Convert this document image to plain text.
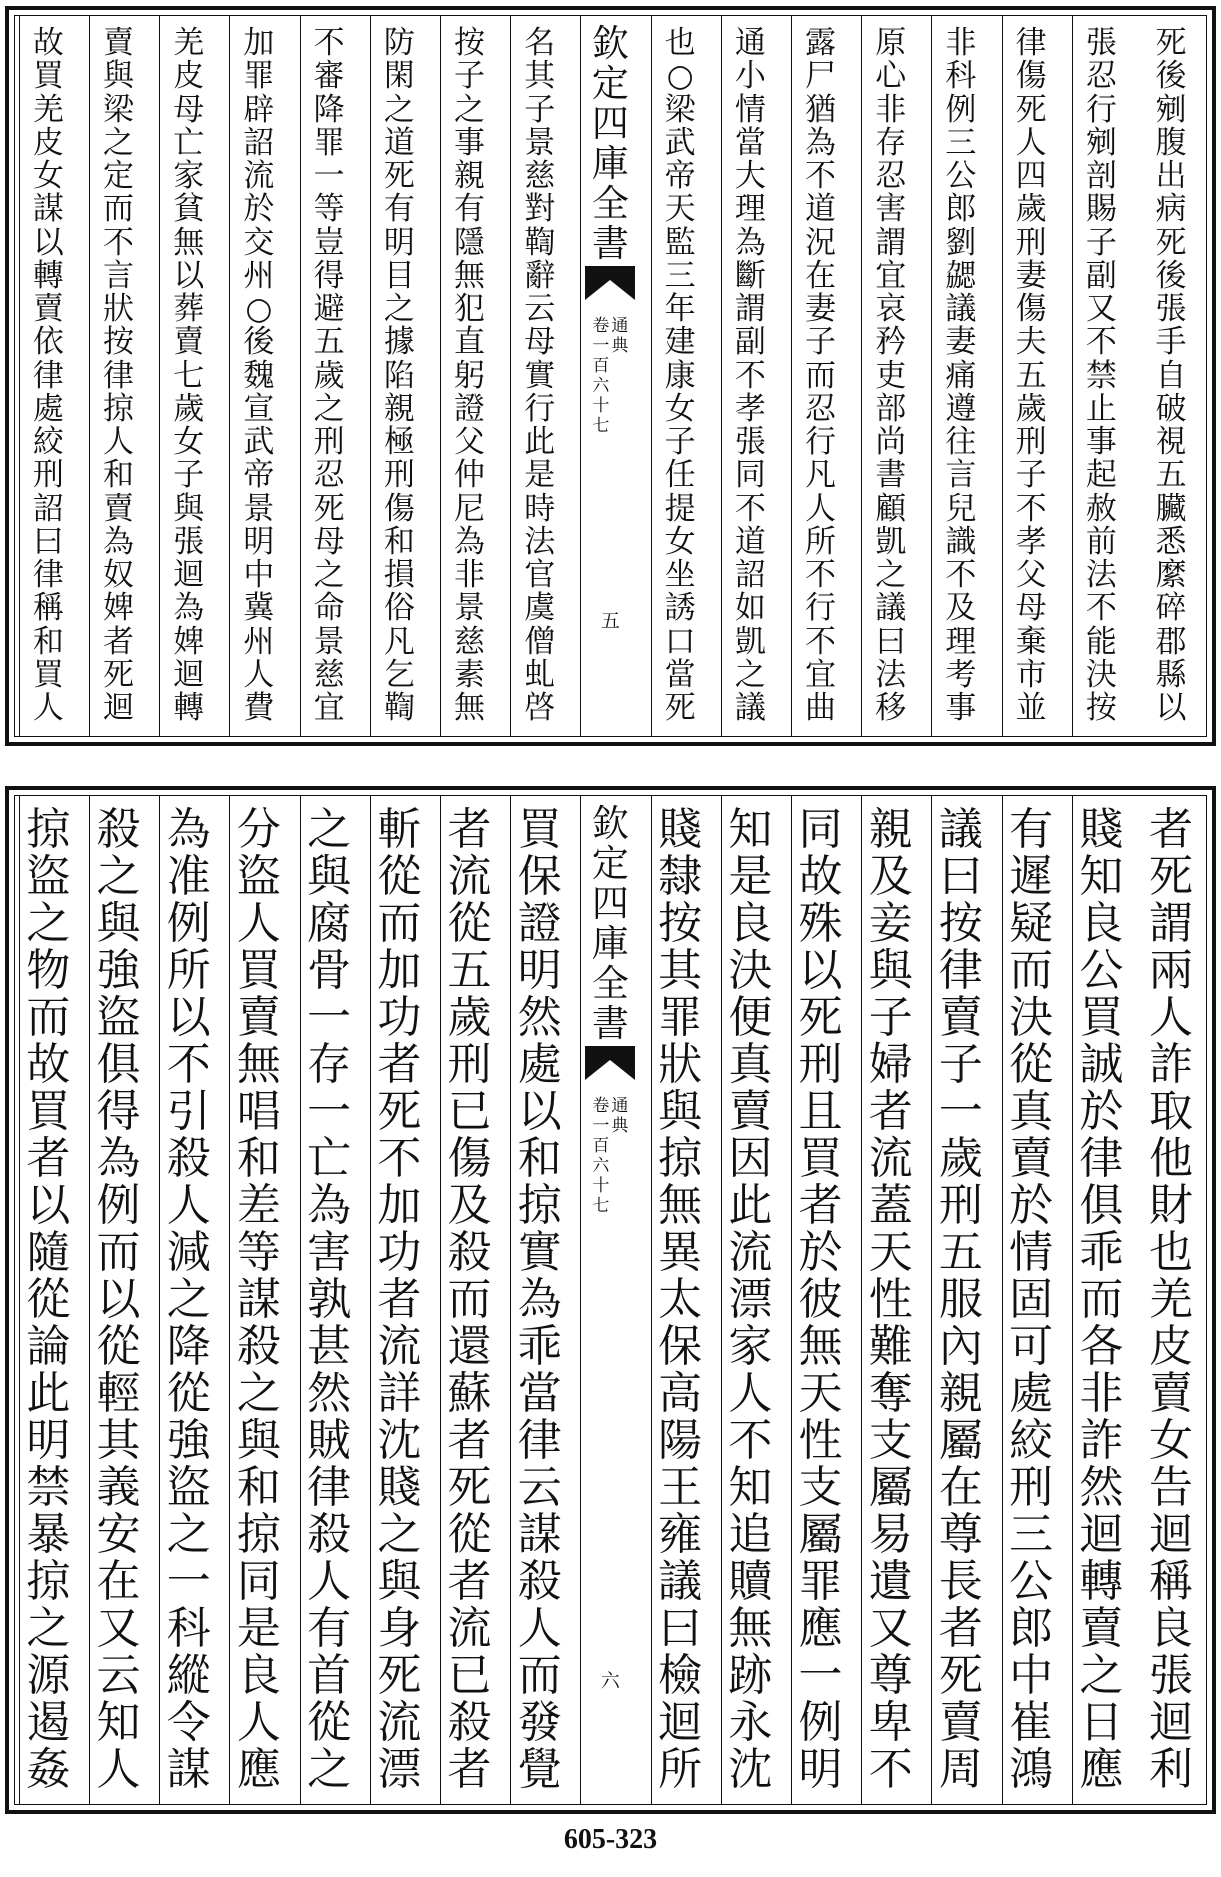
死
後
剜
腹
出
病
死
後
張
手
自
破
視
五
臟
悉
縻
碎
郡
縣
以
張
忍
行
剜
剖
賜
子
副
又
不
禁
止
事
起
赦
前
法
不
能
決
按
律
傷
死
人
四
歲
刑
妻
傷
夫
五
歲
刑
子
不
孝
父
母
棄
市
並
非
科
例
三
公
郎
劉
勰
議
妻
痛
遵
往
言
兒
識
不
及
理
考
事
原
心
非
存
忍
害
謂
宜
哀
矜
吏
部
尚
書
顧
凱
之
議
曰
法
移
露
尸
猶
為
不
道
況
在
妻
子
而
忍
行
凡
人
所
不
行
不
宜
曲
通
小
情
當
大
理
為
斷
謂
副
不
孝
張
同
不
道
詔
如
凱
之
議
也
○
梁
武
帝
天
監
三
年
建
康
女
子
任
提
女
坐
誘
口
當
死
欽
定
四
庫
全
書
通
典
卷
一
百
六
十
七
五
名
其
子
景
慈
對
鞫
辭
云
母
實
行
此
是
時
法
官
虞
僧
虬
啓
按
子
之
事
親
有
隱
無
犯
直
躬
證
父
仲
尼
為
非
景
慈
素
無
防
閑
之
道
死
有
明
目
之
據
陷
親
極
刑
傷
和
損
俗
凡
乞
鞫
不
審
降
罪
一
等
豈
得
避
五
歲
之
刑
忍
死
母
之
命
景
慈
宜
加
罪
辟
詔
流
於
交
州
○
後
魏
宣
武
帝
景
明
中
冀
州
人
費
羌
皮
母
亡
家
貧
無
以
葬
賣
七
歲
女
子
與
張
迴
為
婢
迴
轉
賣
與
梁
之
定
而
不
言
狀
按
律
掠
人
和
賣
為
奴
婢
者
死
迴
故
買
羌
皮
女
謀
以
轉
賣
依
律
處
絞
刑
詔
曰
律
稱
和
買
人
者
死
謂
兩
人
詐
取
他
財
也
羌
皮
賣
女
告
迴
稱
良
張
迴
利
賤
知
良
公
買
誠
於
律
俱
乖
而
各
非
詐
然
迴
轉
賣
之
日
應
有
遲
疑
而
決
從
真
賣
於
情
固
可
處
絞
刑
三
公
郎
中
崔
鴻
議
曰
按
律
賣
子
一
歲
刑
五
服
內
親
屬
在
尊
長
者
死
賣
周
親
及
妾
與
子
婦
者
流
蓋
天
性
難
奪
支
屬
易
遺
又
尊
卑
不
同
故
殊
以
死
刑
且
買
者
於
彼
無
天
性
支
屬
罪
應
一
例
明
知
是
良
決
便
真
賣
因
此
流
漂
家
人
不
知
追
贖
無
跡
永
沈
賤
隸
按
其
罪
狀
與
掠
無
異
太
保
高
陽
王
雍
議
曰
檢
迴
所
欽
定
四
庫
全
書
通
典
卷
一
百
六
十
七
六
買
保
證
明
然
處
以
和
掠
實
為
乖
當
律
云
謀
殺
人
而
發
覺
者
流
從
五
歲
刑
已
傷
及
殺
而
還
蘇
者
死
從
者
流
已
殺
者
斬
從
而
加
功
者
死
不
加
功
者
流
詳
沈
賤
之
與
身
死
流
漂
之
與
腐
骨
一
存
一
亡
為
害
孰
甚
然
賊
律
殺
人
有
首
從
之
分
盜
人
買
賣
無
唱
和
差
等
謀
殺
之
與
和
掠
同
是
良
人
應
為
准
例
所
以
不
引
殺
人
減
之
降
從
強
盜
之
一
科
縱
令
謀
殺
之
與
強
盜
俱
得
為
例
而
以
從
輕
其
義
安
在
又
云
知
人
掠
盜
之
物
而
故
買
者
以
隨
從
論
此
明
禁
暴
掠
之
源
遏
姦
605-323
